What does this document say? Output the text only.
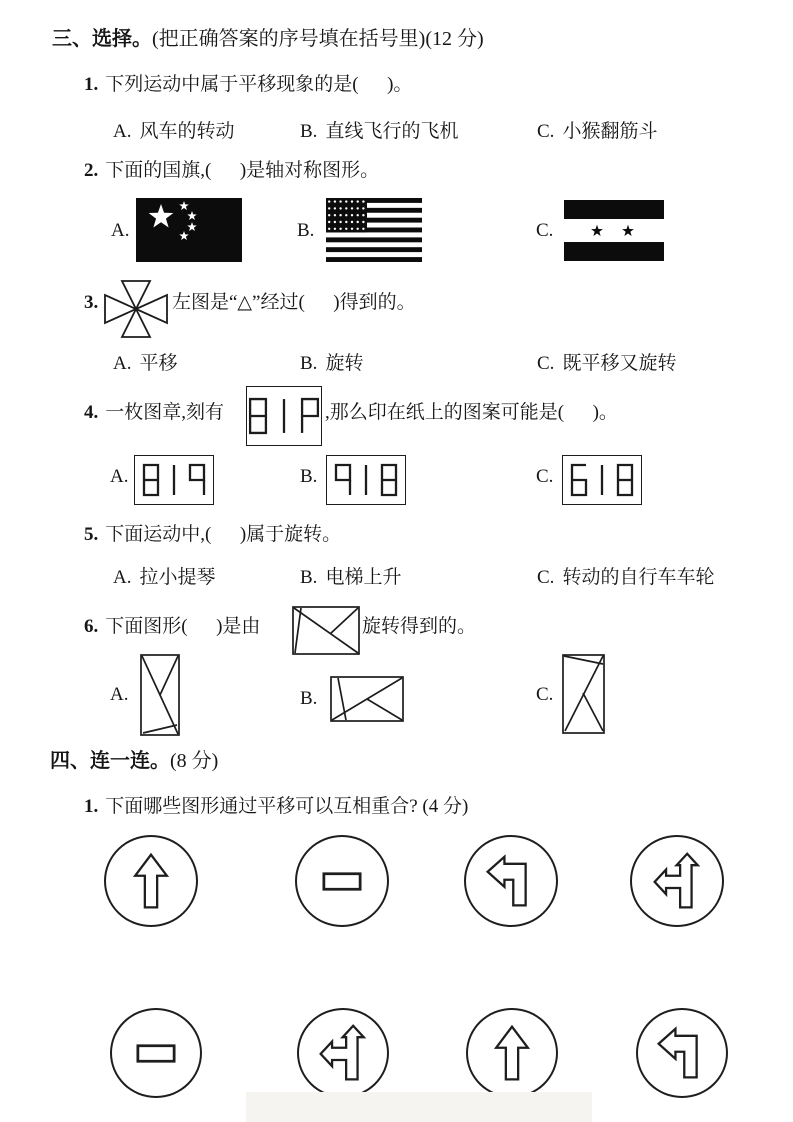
三、选择。(把正确答案的序号填在括号里)(12 分)
1. 下列运动中属于平移现象的是(      )。
A. 风车的转动	B. 直线飞行的飞机	C. 小猴翻筋斗
2. 下面的国旗,(      )是轴对称图形。
A.	B.	C.
3.	左图是“△”经过(      )得到的。
A. 平移	B. 旋转	C. 既平移又旋转
4. 一枚图章,刻有	,那么印在纸上的图案可能是(      )。
A.	B.	C.
5. 下面运动中,(      )属于旋转。
A. 拉小提琴	B. 电梯上升	C. 转动的自行车车轮
6. 下面图形(      )是由	旋转得到的。
A.	B.	C.
四、连一连。(8 分)
1. 下面哪些图形通过平移可以互相重合? (4 分)
